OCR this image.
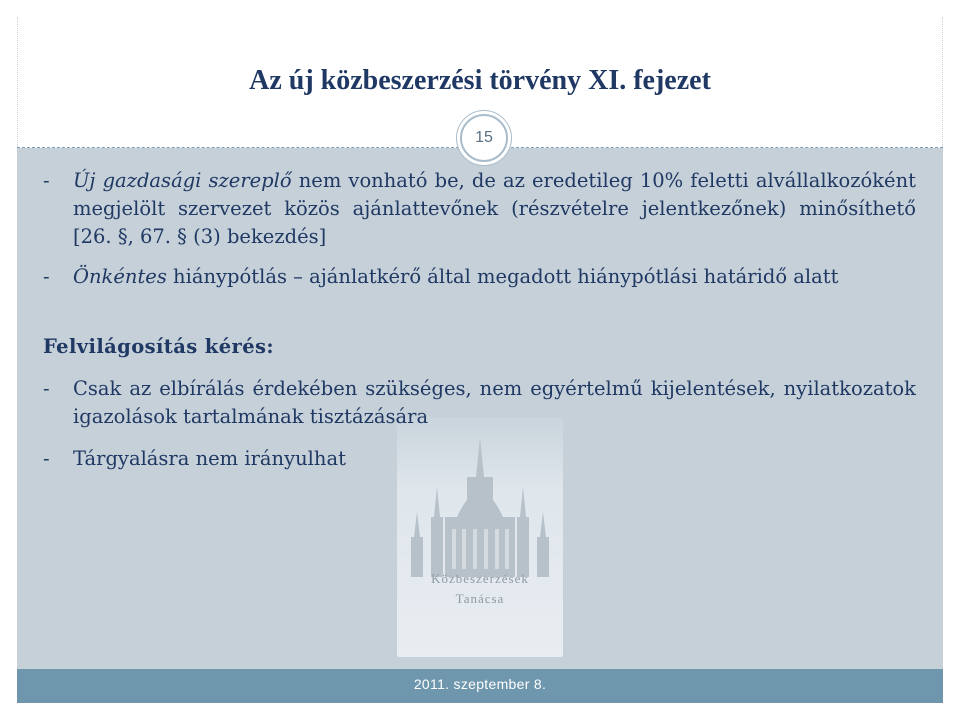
Az új közbeszerzési törvény XI. fejezet
15
Közbeszerzések
Tanácsa
- Új gazdasági szereplő nem vonható be, de az eredetileg 10% feletti alvállalkozóként megjelölt szervezet közös ajánlattevőnek (részvételre jelentkezőnek) minősíthető [26. §, 67. § (3) bekezdés]
- Önkéntes hiánypótlás – ajánlatkérő által megadott hiánypótlási határidő alatt
Felvilágosítás kérés:
- Csak az elbírálás érdekében szükséges, nem egyértelmű kijelentések, nyilatkozatok igazolások tartalmának tisztázására
- Tárgyalásra nem irányulhat
2011. szeptember 8.
